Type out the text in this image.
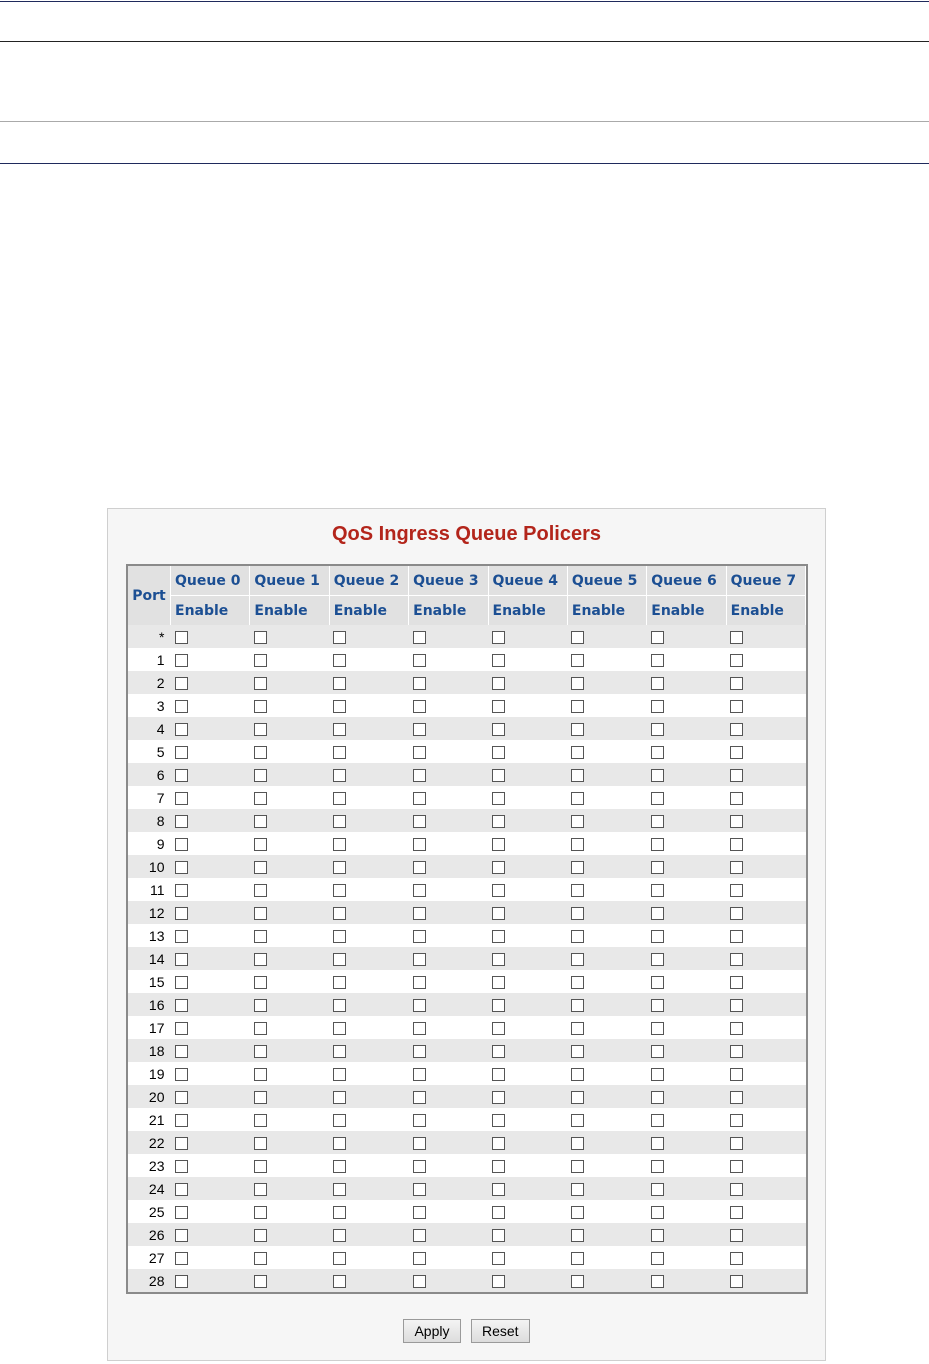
QoS Ingress Queue Policers
Port	Queue 0	Queue 1	Queue 2	Queue 3	Queue 4	Queue 5	Queue 6	Queue 7
	Enable	Enable	Enable	Enable	Enable	Enable	Enable	Enable
*								
1								
2								
3								
4								
5								
6								
7								
8								
9								
10								
11								
12								
13								
14								
15								
16								
17								
18								
19								
20								
21								
22								
23								
24								
25								
26								
27								
28								
Apply Reset
